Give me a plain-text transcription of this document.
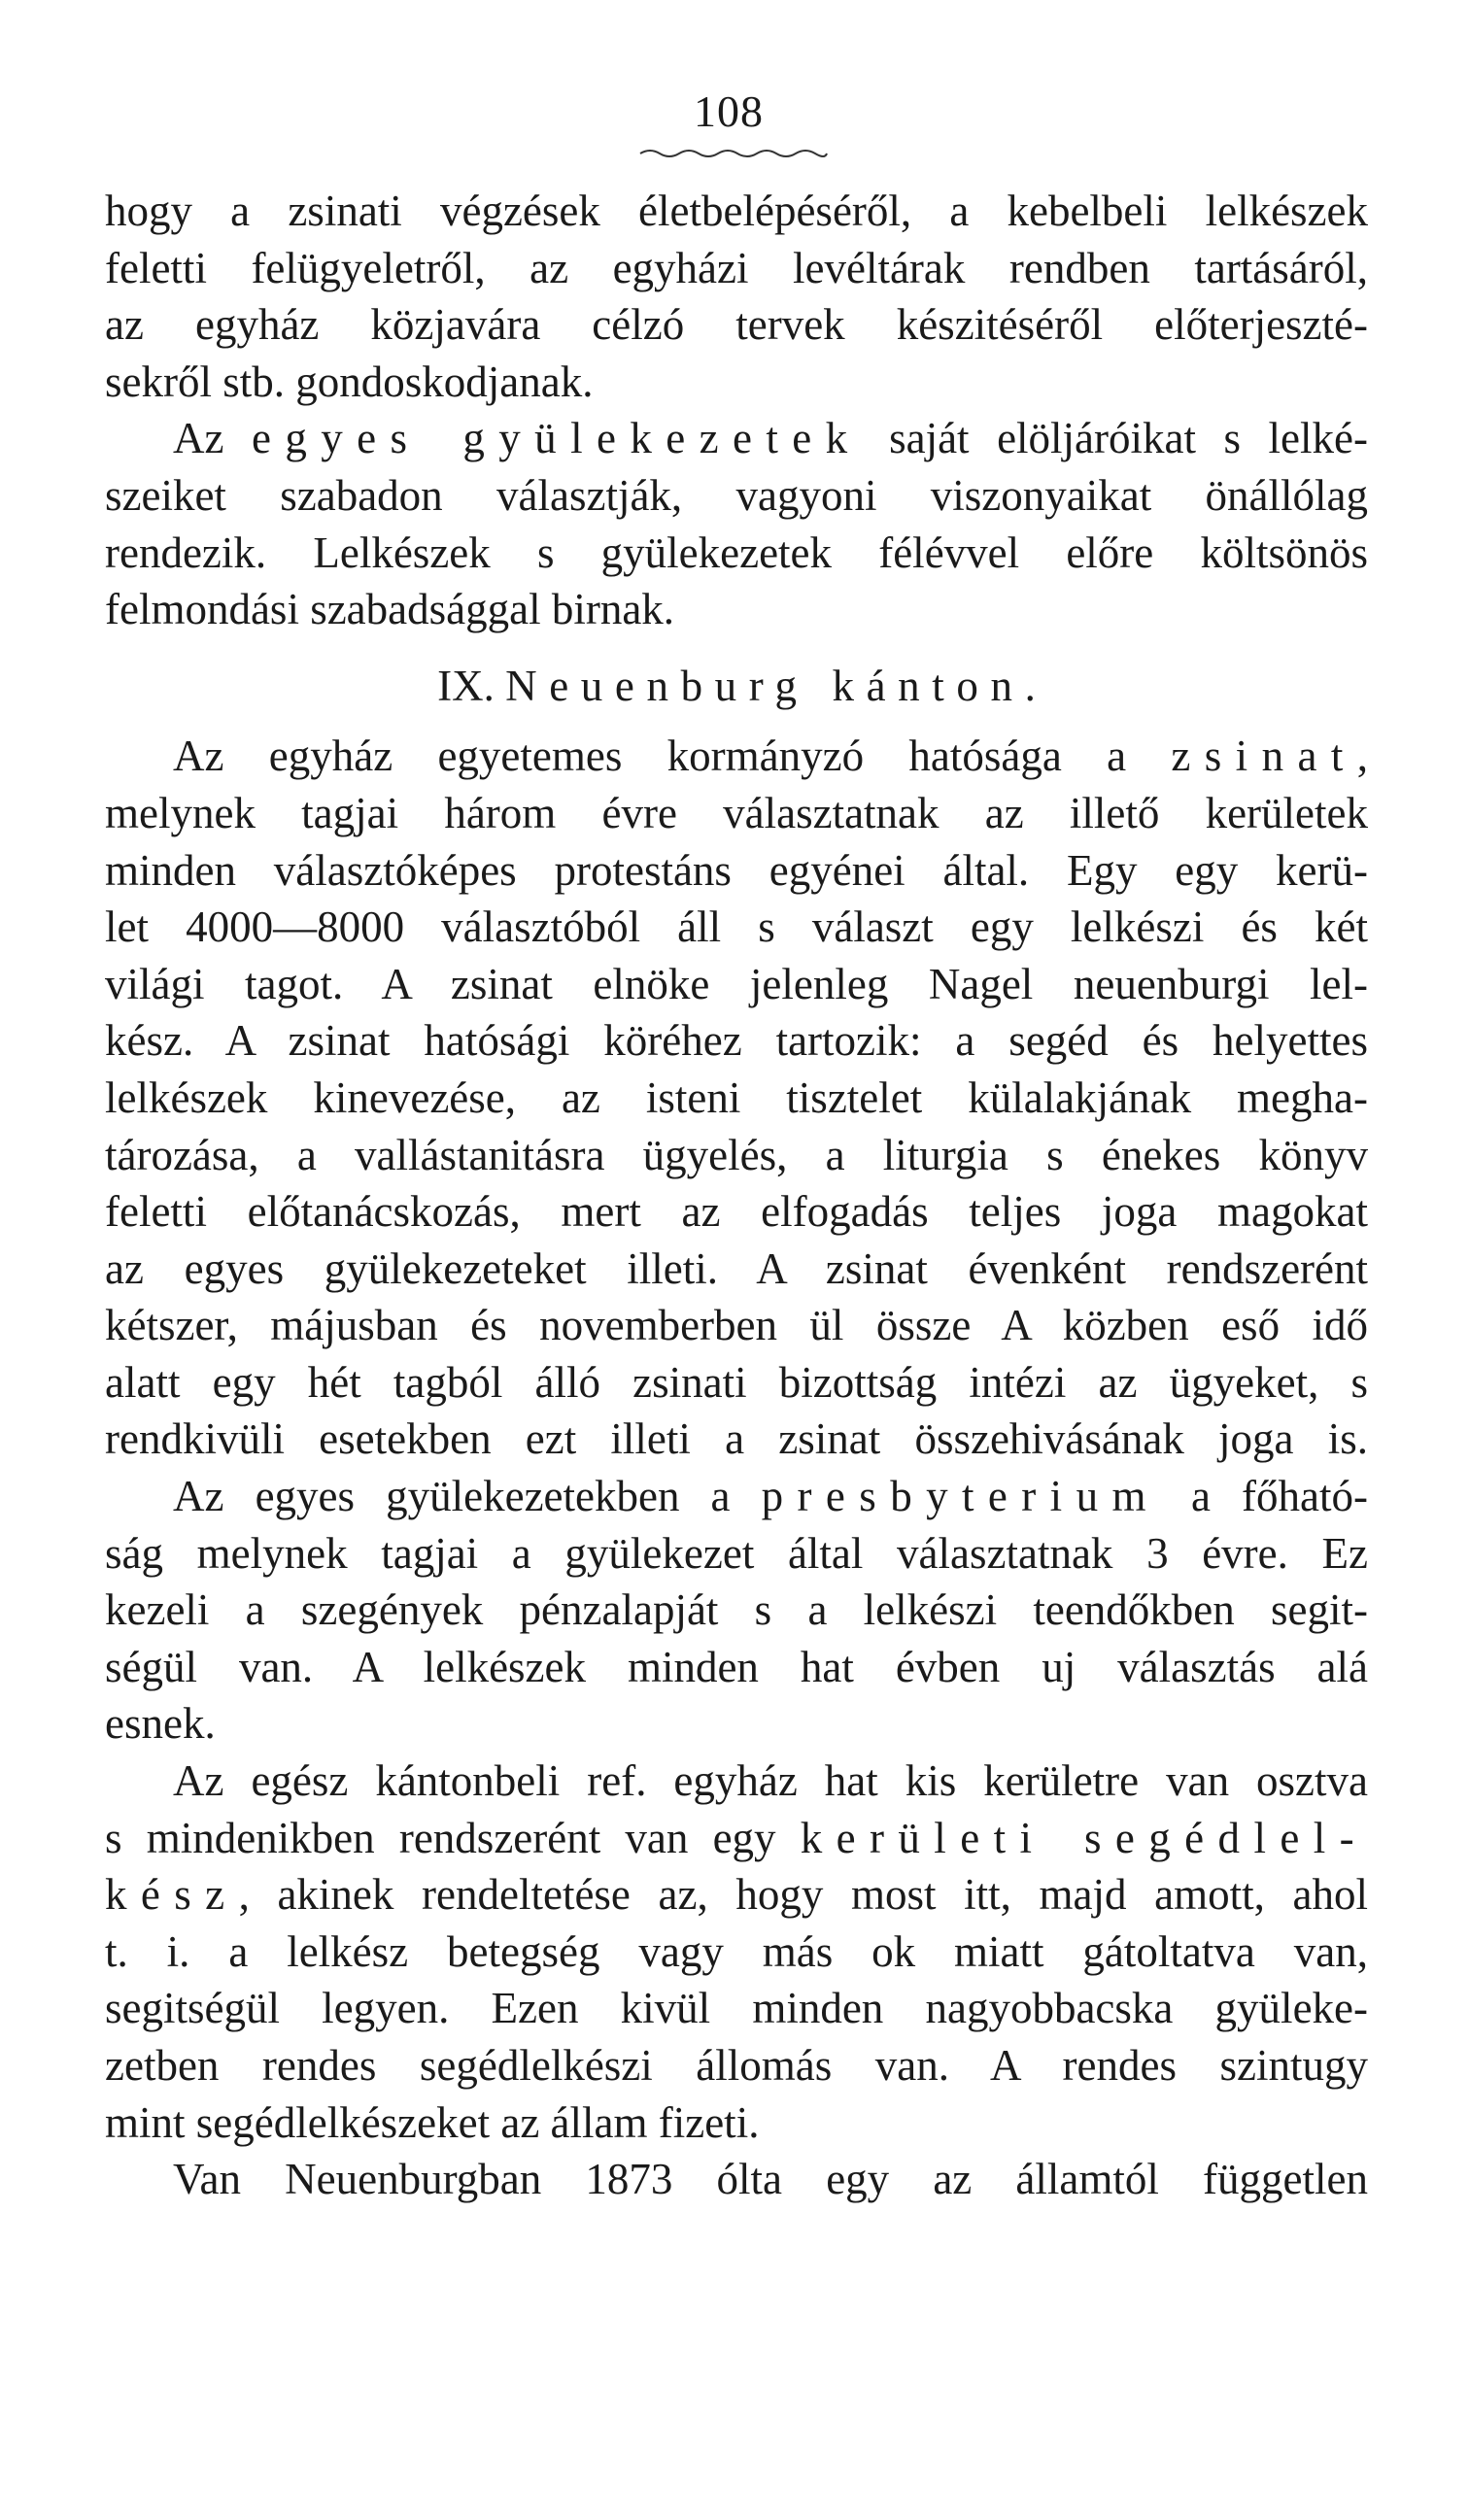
108
hogy a zsinati végzések életbelépéséről, a kebelbeli lelkészek
feletti felügyeletről, az egyházi levéltárak rendben tartásáról,
az egyház közjavára célzó tervek készitéséről előterjeszté-
sekről stb. gondoskodjanak.
Az egyes gyülekezetek saját elöljáróikat s lelké-
szeiket szabadon választják, vagyoni viszonyaikat önállólag
rendezik. Lelkészek s gyülekezetek félévvel előre költsönös
felmondási szabadsággal birnak.
IX. Neuenburg kánton.
Az egyház egyetemes kormányzó hatósága a zsinat,
melynek tagjai három évre választatnak az illető kerületek
minden választóképes protestáns egyénei által. Egy egy kerü-
let 4000—8000 választóból áll s választ egy lelkészi és két
világi tagot. A zsinat elnöke jelenleg Nagel neuenburgi lel-
kész. A zsinat hatósági köréhez tartozik: a segéd és helyettes
lelkészek kinevezése, az isteni tisztelet külalakjának megha-
tározása, a vallástanitásra ügyelés, a liturgia s énekes könyv
feletti előtanácskozás, mert az elfogadás teljes joga magokat
az egyes gyülekezeteket illeti. A zsinat évenként rendszerént
kétszer, májusban és novemberben ül össze A közben eső idő
alatt egy hét tagból álló zsinati bizottság intézi az ügyeket, s
rendkivüli esetekben ezt illeti a zsinat összehivásának joga is.
Az egyes gyülekezetekben a presbyterium a főható-
ság melynek tagjai a gyülekezet által választatnak 3 évre. Ez
kezeli a szegények pénzalapját s a lelkészi teendőkben segit-
ségül van. A lelkészek minden hat évben uj választás alá
esnek.
Az egész kántonbeli ref. egyház hat kis kerületre van osztva
s mindenikben rendszerént van egy kerületi segédlel-
kész, akinek rendeltetése az, hogy most itt, majd amott, ahol
t. i. a lelkész betegség vagy más ok miatt gátoltatva van,
segitségül legyen. Ezen kivül minden nagyobbacska gyüleke-
zetben rendes segédlelkészi állomás van. A rendes szintugy
mint segédlelkészeket az állam fizeti.
Van Neuenburgban 1873 ólta egy az államtól független
